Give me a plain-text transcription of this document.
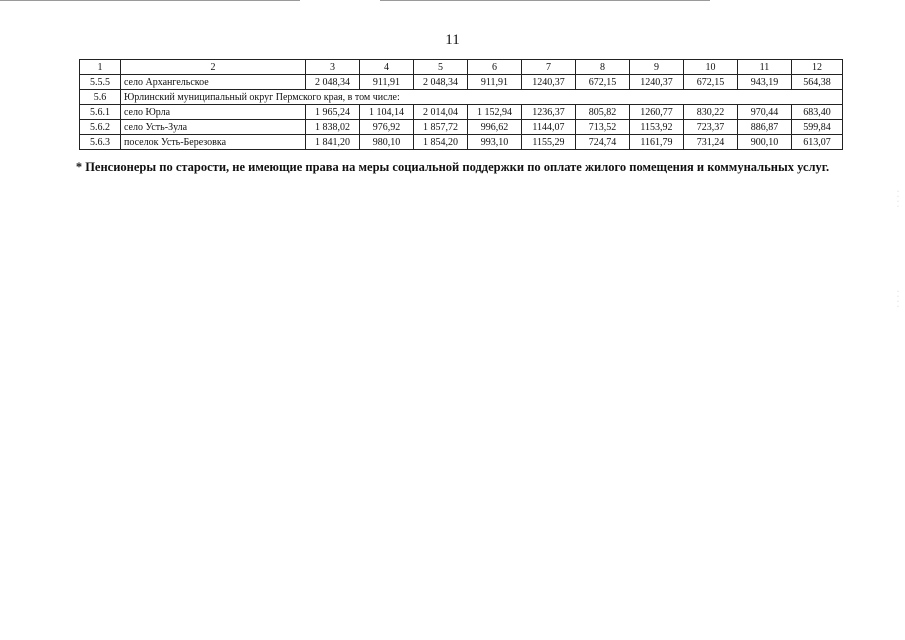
11
1	2	3	4	5	6	7	8	9	10	11	12
5.5.5	село Архангельское	2 048,34	911,91	2 048,34	911,91	1240,37	672,15	1240,37	672,15	943,19	564,38
5.6	Юрлинский муниципальный округ Пермского края, в том числе:										
5.6.1	село Юрла	1 965,24	1 104,14	2 014,04	1 152,94	1236,37	805,82	1260,77	830,22	970,44	683,40
5.6.2	село Усть-Зула	1 838,02	976,92	1 857,72	996,62	1144,07	713,52	1153,92	723,37	886,87	599,84
5.6.3	поселок Усть-Березовка	1 841,20	980,10	1 854,20	993,10	1155,29	724,74	1161,79	731,24	900,10	613,07
* Пенсионеры по старости, не имеющие права на меры социальной поддержки по оплате жилого помещения и коммунальных услуг.
·
·
·
·
·
·
·
·
